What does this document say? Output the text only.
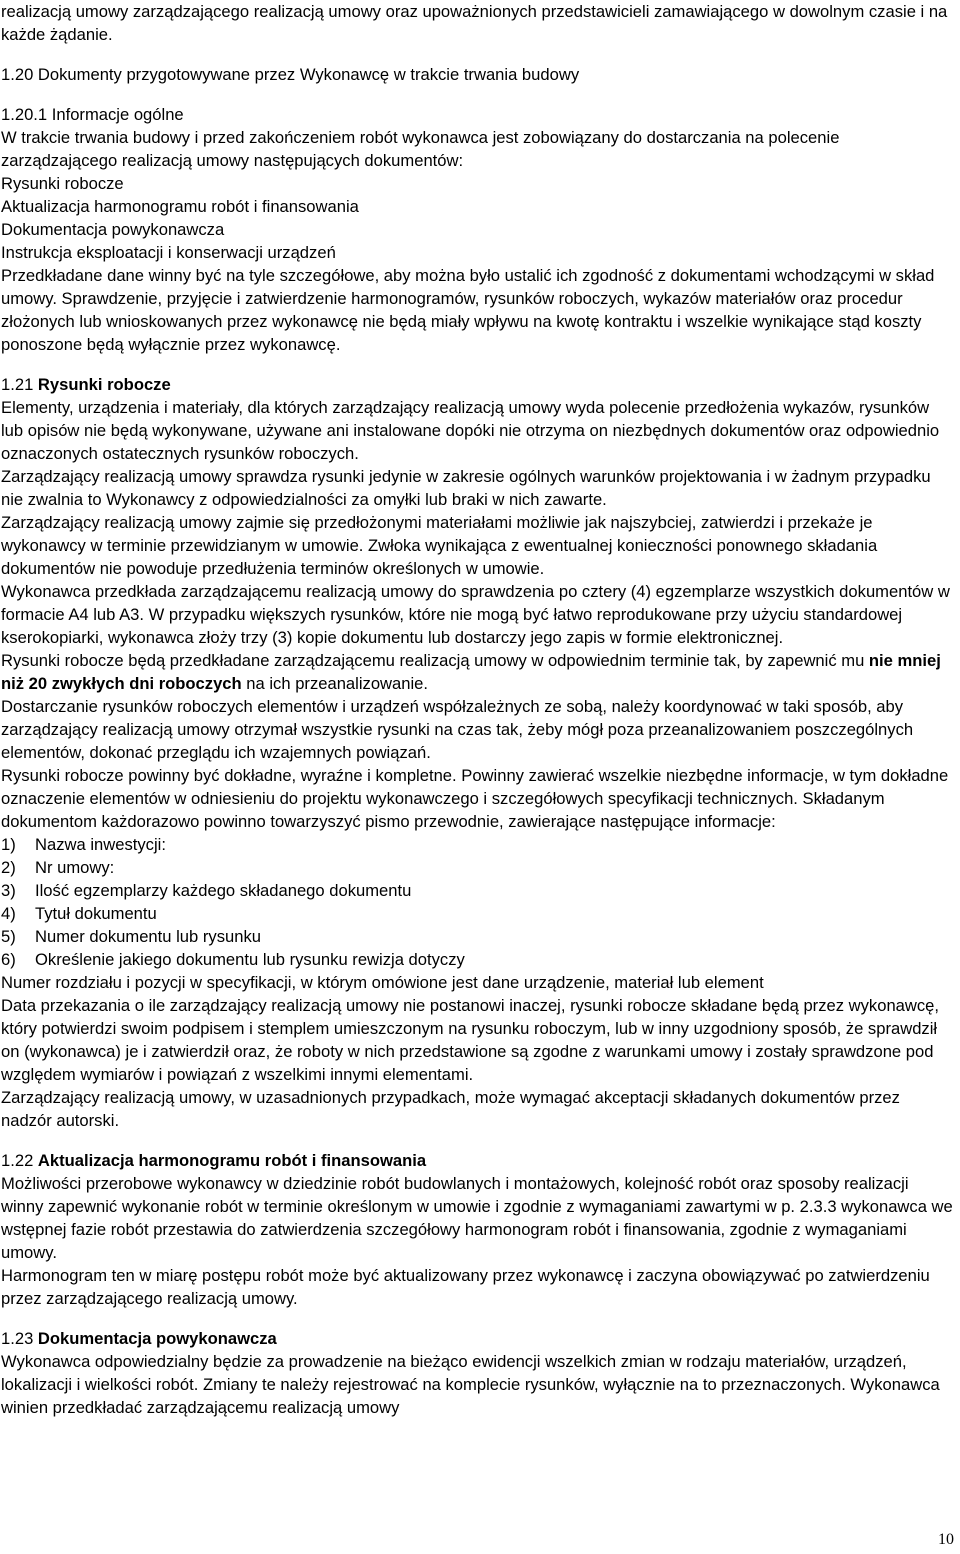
realizacją umowy zarządzającego realizacją umowy oraz upoważnionych przedstawicieli zamawiającego w dowolnym czasie i na każde żądanie.

1.20 Dokumenty przygotowywane przez Wykonawcę w trakcie trwania budowy

1.20.1 Informacje ogólne

W trakcie trwania budowy i przed zakończeniem robót wykonawca jest zobowiązany do dostarczania na polecenie zarządzającego realizacją umowy następujących dokumentów:

Rysunki robocze

Aktualizacja harmonogramu robót i finansowania

Dokumentacja powykonawcza

Instrukcja eksploatacji i konserwacji urządzeń

Przedkładane dane winny być na tyle szczegółowe, aby można było ustalić ich zgodność z dokumentami wchodzącymi w skład umowy. Sprawdzenie, przyjęcie i zatwierdzenie harmonogramów, rysunków roboczych, wykazów materiałów oraz procedur złożonych lub wnioskowanych przez wykonawcę nie będą miały wpływu na kwotę kontraktu i wszelkie wynikające stąd koszty ponoszone będą wyłącznie przez wykonawcę.

1.21 Rysunki robocze

Elementy, urządzenia i materiały, dla których zarządzający realizacją umowy wyda polecenie przedłożenia wykazów, rysunków lub opisów nie będą wykonywane, używane ani instalowane dopóki nie otrzyma on niezbędnych dokumentów oraz odpowiednio oznaczonych ostatecznych rysunków roboczych.

Zarządzający realizacją umowy sprawdza rysunki jedynie w zakresie ogólnych warunków projektowania i w żadnym przypadku nie zwalnia to Wykonawcy z odpowiedzialności za omyłki lub braki w nich zawarte.

Zarządzający realizacją umowy zajmie się przedłożonymi materiałami możliwie jak najszybciej, zatwierdzi i przekaże je wykonawcy w terminie przewidzianym w umowie. Zwłoka wynikająca z ewentualnej konieczności ponownego składania dokumentów nie powoduje przedłużenia terminów określonych w umowie.

Wykonawca przedkłada zarządzającemu realizacją umowy do sprawdzenia po cztery (4) egzemplarze wszystkich dokumentów w formacie A4 lub A3. W przypadku większych rysunków, które nie mogą być łatwo reprodukowane przy użyciu standardowej kserokopiarki, wykonawca złoży trzy (3) kopie dokumentu lub dostarczy jego zapis w formie elektronicznej.

Rysunki robocze będą przedkładane zarządzającemu realizacją umowy w odpowiednim terminie tak, by zapewnić mu nie mniej niż 20 zwykłych dni roboczych na ich przeanalizowanie.

Dostarczanie rysunków roboczych elementów i urządzeń współzależnych ze sobą, należy koordynować w taki sposób, aby zarządzający realizacją umowy otrzymał wszystkie rysunki na czas tak, żeby mógł poza przeanalizowaniem poszczególnych elementów, dokonać przeglądu ich wzajemnych powiązań.

Rysunki robocze powinny być dokładne, wyraźne i kompletne. Powinny zawierać wszelkie niezbędne informacje, w tym dokładne oznaczenie elementów w odniesieniu do projektu wykonawczego i szczegółowych specyfikacji technicznych. Składanym dokumentom każdorazowo powinno towarzyszyć pismo przewodnie, zawierające następujące informacje:

1) Nazwa inwestycji:
2) Nr umowy:
3) Ilość egzemplarzy każdego składanego dokumentu
4) Tytuł dokumentu
5) Numer dokumentu lub rysunku
6) Określenie jakiego dokumentu lub rysunku rewizja dotyczy

Numer rozdziału i pozycji w specyfikacji, w którym omówione jest dane urządzenie, materiał lub element

Data przekazania o ile zarządzający realizacją umowy nie postanowi inaczej, rysunki robocze składane będą przez wykonawcę, który potwierdzi swoim podpisem i stemplem umieszczonym na rysunku roboczym, lub w inny uzgodniony sposób, że sprawdził on (wykonawca) je i zatwierdził oraz, że roboty w nich przedstawione są zgodne z warunkami umowy i zostały sprawdzone pod względem wymiarów i powiązań z wszelkimi innymi elementami.

Zarządzający realizacją umowy, w uzasadnionych przypadkach, może wymagać akceptacji składanych dokumentów przez nadzór autorski.

1.22 Aktualizacja harmonogramu robót i finansowania

Możliwości przerobowe wykonawcy w dziedzinie robót budowlanych i montażowych, kolejność robót oraz sposoby realizacji winny zapewnić wykonanie robót w terminie określonym w umowie i zgodnie z wymaganiami zawartymi w p. 2.3.3 wykonawca we wstępnej fazie robót przestawia do zatwierdzenia szczegółowy harmonogram robót i finansowania, zgodnie z wymaganiami umowy.

Harmonogram ten w miarę postępu robót może być aktualizowany przez wykonawcę i zaczyna obowiązywać po zatwierdzeniu przez zarządzającego realizacją umowy.

1.23 Dokumentacja powykonawcza

Wykonawca odpowiedzialny będzie za prowadzenie na bieżąco ewidencji wszelkich zmian w rodzaju materiałów, urządzeń, lokalizacji i wielkości robót. Zmiany te należy rejestrować na komplecie rysunków, wyłącznie na to przeznaczonych. Wykonawca winien przedkładać zarządzającemu realizacją umowy

10
